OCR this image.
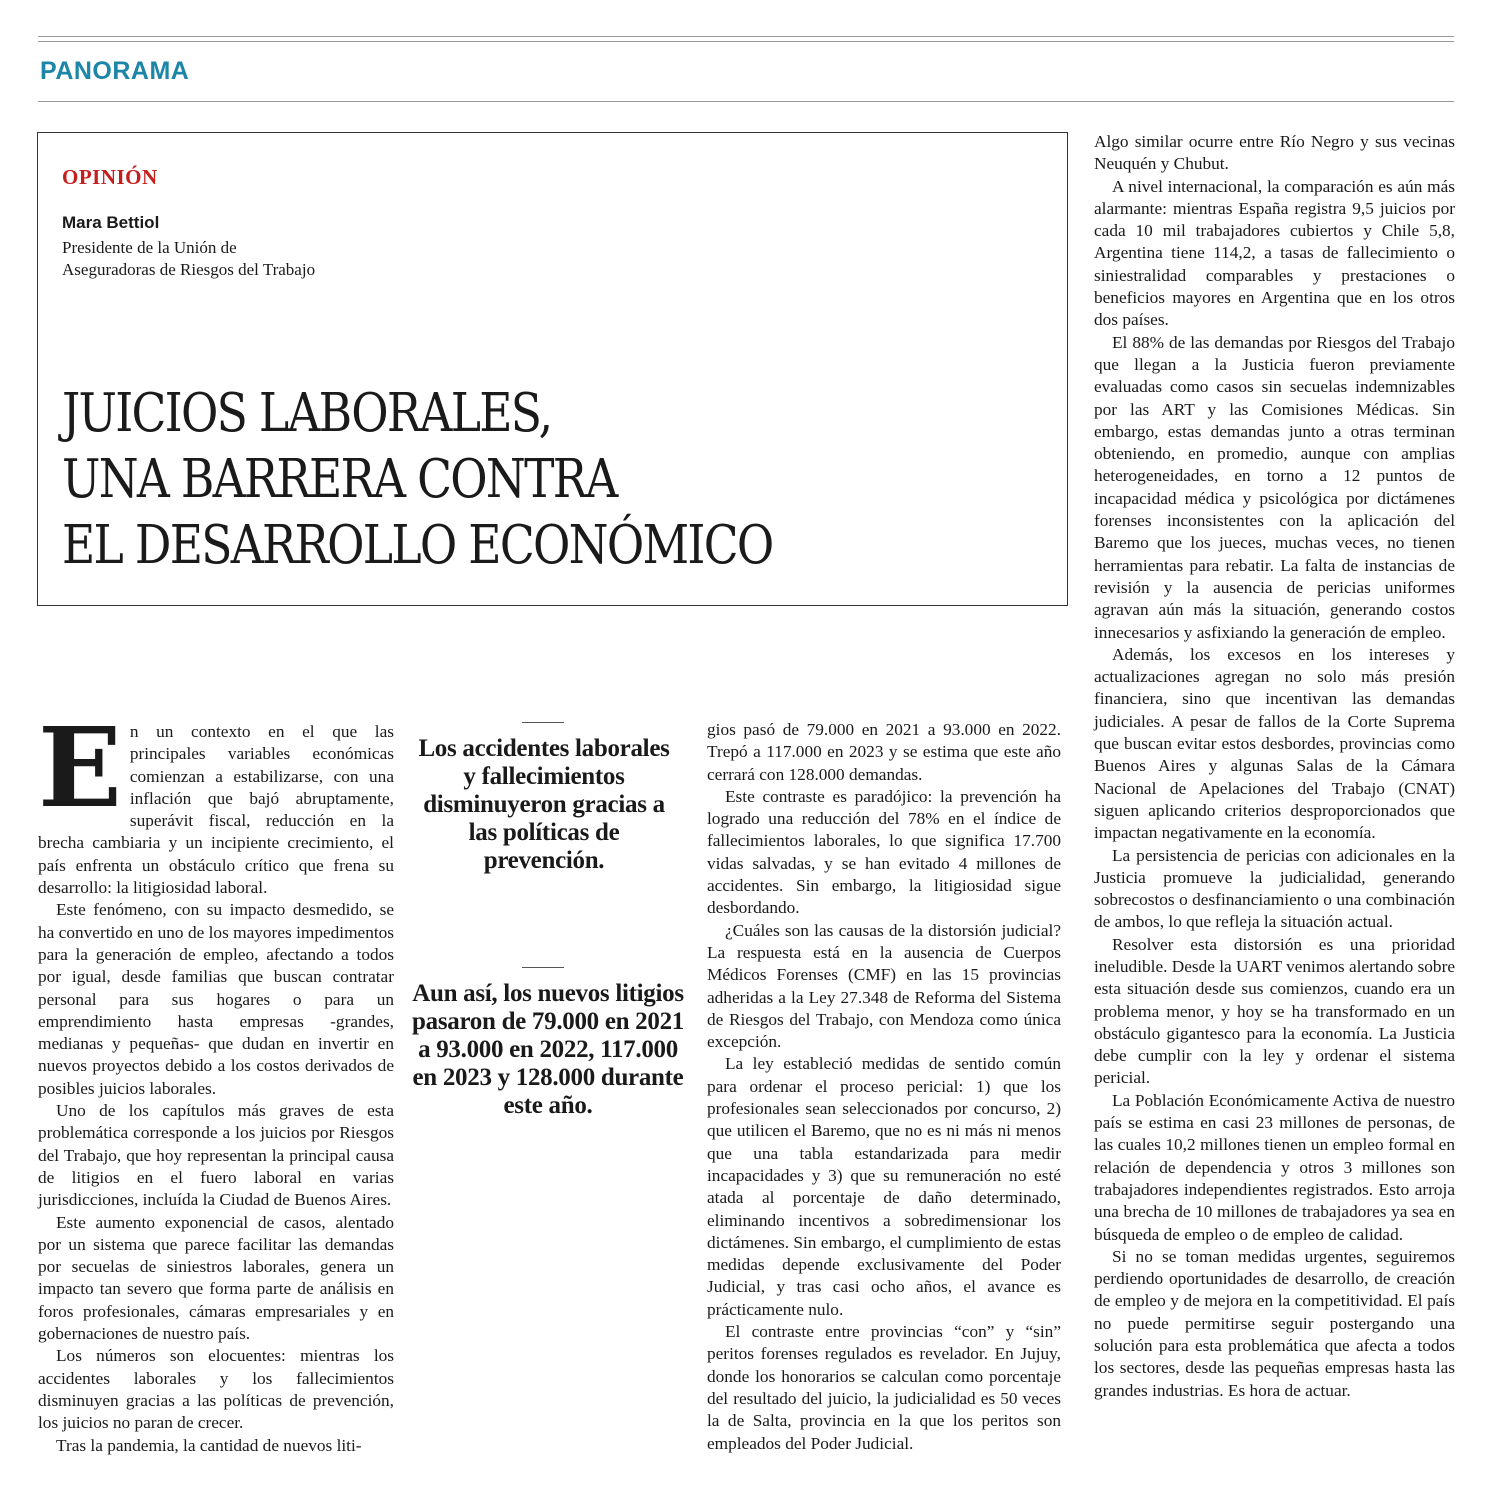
PANORAMA

OPINIÓN

Mara Bettiol

Presidente de la Unión de
Aseguradoras de Riesgos del Trabajo

JUICIOS LABORALES,
UNA BARRERA CONTRA
EL DESARROLLO ECONÓMICO

En un contexto en el que las principales variables económicas comienzan a estabilizarse, con una inflación que bajó abruptamente, superávit fiscal, reducción en la brecha cambiaria y un incipiente crecimiento, el país enfrenta un obstáculo crítico que frena su desarrollo: la litigiosidad laboral.

Este fenómeno, con su impacto desmedido, se ha convertido en uno de los mayores impedimentos para la generación de empleo, afectando a todos por igual, desde familias que buscan contratar personal para sus hogares o para un emprendimiento hasta empresas -grandes, medianas y pequeñas- que dudan en invertir en nuevos proyectos debido a los costos derivados de posibles juicios laborales.

Uno de los capítulos más graves de esta problemática corresponde a los juicios por Riesgos del Trabajo, que hoy representan la principal causa de litigios en el fuero laboral en varias jurisdicciones, incluída la Ciudad de Buenos Aires.

Este aumento exponencial de casos, alentado por un sistema que parece facilitar las demandas por secuelas de siniestros laborales, genera un impacto tan severo que forma parte de análisis en foros profesionales, cámaras empresariales y en gobernaciones de nuestro país.

Los números son elocuentes: mientras los accidentes laborales y los fallecimientos disminuyen gracias a las políticas de prevención, los juicios no paran de crecer.

Tras la pandemia, la cantidad de nuevos liti-

Los accidentes laborales y fallecimientos disminuyeron gracias a las políticas de prevención.

Aun así, los nuevos litigios pasaron de 79.000 en 2021 a 93.000 en 2022, 117.000 en 2023 y 128.000 durante este año.

gios pasó de 79.000 en 2021 a 93.000 en 2022. Trepó a 117.000 en 2023 y se estima que este año cerrará con 128.000 demandas.

Este contraste es paradójico: la prevención ha logrado una reducción del 78% en el índice de fallecimientos laborales, lo que significa 17.700 vidas salvadas, y se han evitado 4 millones de accidentes. Sin embargo, la litigiosidad sigue desbordando.

¿Cuáles son las causas de la distorsión judicial? La respuesta está en la ausencia de Cuerpos Médicos Forenses (CMF) en las 15 provincias adheridas a la Ley 27.348 de Reforma del Sistema de Riesgos del Trabajo, con Mendoza como única excepción.

La ley estableció medidas de sentido común para ordenar el proceso pericial: 1) que los profesionales sean seleccionados por concurso, 2) que utilicen el Baremo, que no es ni más ni menos que una tabla estandarizada para medir incapacidades y 3) que su remuneración no esté atada al porcentaje de daño determinado, eliminando incentivos a sobredimensionar los dictámenes. Sin embargo, el cumplimiento de estas medidas depende exclusivamente del Poder Judicial, y tras casi ocho años, el avance es prácticamente nulo.

El contraste entre provincias “con” y “sin” peritos forenses regulados es revelador. En Jujuy, donde los honorarios se calculan como porcentaje del resultado del juicio, la judicialidad es 50 veces la de Salta, provincia en la que los peritos son empleados del Poder Judicial.

Algo similar ocurre entre Río Negro y sus vecinas Neuquén y Chubut.

A nivel internacional, la comparación es aún más alarmante: mientras España registra 9,5 juicios por cada 10 mil trabajadores cubiertos y Chile 5,8, Argentina tiene 114,2, a tasas de fallecimiento o siniestralidad comparables y prestaciones o beneficios mayores en Argentina que en los otros dos países.

El 88% de las demandas por Riesgos del Trabajo que llegan a la Justicia fueron previamente evaluadas como casos sin secuelas indemnizables por las ART y las Comisiones Médicas. Sin embargo, estas demandas junto a otras terminan obteniendo, en promedio, aunque con amplias heterogeneidades, en torno a 12 puntos de incapacidad médica y psicológica por dictámenes forenses inconsistentes con la aplicación del Baremo que los jueces, muchas veces, no tienen herramientas para rebatir. La falta de instancias de revisión y la ausencia de pericias uniformes agravan aún más la situación, generando costos innecesarios y asfixiando la generación de empleo.

Además, los excesos en los intereses y actualizaciones agregan no solo más presión financiera, sino que incentivan las demandas judiciales. A pesar de fallos de la Corte Suprema que buscan evitar estos desbordes, provincias como Buenos Aires y algunas Salas de la Cámara Nacional de Apelaciones del Trabajo (CNAT) siguen aplicando criterios desproporcionados que impactan negativamente en la economía.

La persistencia de pericias con adicionales en la Justicia promueve la judicialidad, generando sobrecostos o desfinanciamiento o una combinación de ambos, lo que refleja la situación actual.

Resolver esta distorsión es una prioridad ineludible. Desde la UART venimos alertando sobre esta situación desde sus comienzos, cuando era un problema menor, y hoy se ha transformado en un obstáculo gigantesco para la economía. La Justicia debe cumplir con la ley y ordenar el sistema pericial.

La Población Económicamente Activa de nuestro país se estima en casi 23 millones de personas, de las cuales 10,2 millones tienen un empleo formal en relación de dependencia y otros 3 millones son trabajadores independientes registrados. Esto arroja una brecha de 10 millones de trabajadores ya sea en búsqueda de empleo o de empleo de calidad.

Si no se toman medidas urgentes, seguiremos perdiendo oportunidades de desarrollo, de creación de empleo y de mejora en la competitividad. El país no puede permitirse seguir postergando una solución para esta problemática que afecta a todos los sectores, desde las pequeñas empresas hasta las grandes industrias. Es hora de actuar.
